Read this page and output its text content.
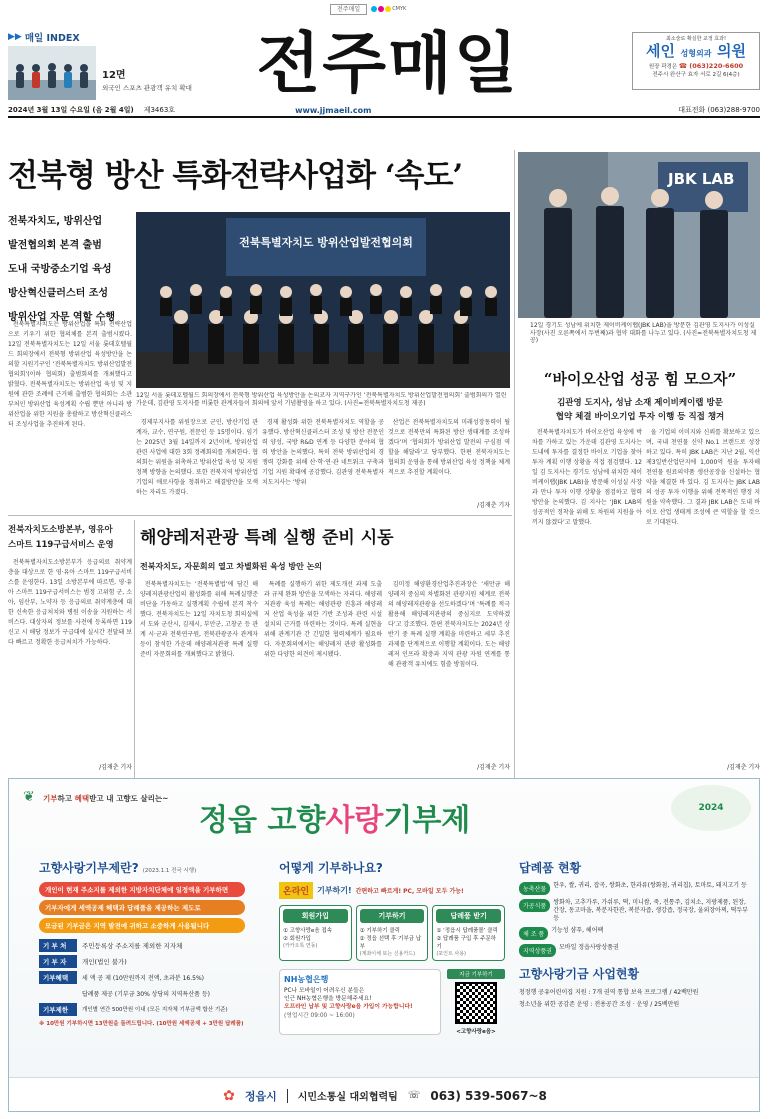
전주매일	CMYK
▶▶ 매일 INDEX
12면
외국인 스포츠 관광객 유치 확대 전주매일	최소술로 확실한 교정 효과!
세인 성형외과 의원
원장 곽경은 ☎ (063)220-6600
전주시 완산구 효자 서로 2길 6(4층)
2024년 3월 13일 수요일 (음 2월 4일) 제3463호	www.jjmaeil.com	대표전화 (063)288-9700
전북형 방산 특화전략사업화 ‘속도’
전북자치도, 방위산업
발전협의회 본격 출범
도내 국방중소기업 육성
방산혁신클러스터 조성
방위산업 자문 역할 수행
전북특별자치도 방위산업발전협의회
12일 서울 롯데호텔월드 회의장에서 전북형 방위산업 육성방안을 논의코자 지역구가인 ‘전북특별자치도 방위산업발전협의회’ 출범회의가 열린 가운데, 김관영 도지사를 비롯한 관계자들이 회의에 앞서 기념촬영을 하고 있다. (사진=전북특별자치도청 제공)

전북특별자치도는 방위산업을 특화 전략산업으로 키우기 위한 협의체를 본격 출범시켰다. 12일 전북특별자치도는 12일 서울 롯데호텔월드 회의장에서 전북형 방위산업 육성방안을 논의할 지원기구인 ‘전북특별자치도 방위산업발전협의회’(이하 협의회) 출범회의를 개최했다고 밝혔다. 전북특별자치도는 방위산업 육성 및 지원에 관한 조례에 근거해 출범한 협의회는 소관부처인 방위산업 육성계획 수립 뿐만 아니라 방위산업을 위한 지원을 총괄하고 방산혁신클러스터 조성사업을 추진하게 된다.	경제부지사를 위원장으로 군인, 방산기업 관계자, 교수, 연구원, 전문인 등 15명이다. 임기는 2025년 3월 14일까지 2년이며, 방위산업 관련 사업에 대한 3회 정례회의를 개최한다. 협의회는 위원을 위촉하고 방위산업 육성 및 지원정책 방향을 논의했다. 또한 전북지역 방위산업 기업의 애로사항을 청취하고 해결방안을 모색하는 자리도 가졌다.

경제 활성화 위한 전북특별자치도 역할을 공유했다. 방산혁신클러스터 조성 및 방산 전문인력 양성, 국방 R&D 연계 등 다양한 분야의 협력 방안을 논의했다. 특히 전북 방위산업의 경쟁력 강화를 위해 산·학·연·관 네트워크 구축과 기업 지원 확대에 공감했다. 김관영 전북특별자치도지사는 ‘방위

산업은 전북특별자치도의 미래성장동력이 될 것으로 전북만의 특화된 방산 생태계를 조성하겠다’며 ‘협의회가 방위산업 발전의 구심점 역할을 해달라’고 당부했다. 한편 전북자치도는 협의회 운영을 통해 방위산업 육성 정책을 체계적으로 추진할 계획이다.

/김재춘 기자
JBK LAB
12일 경기도 성남에 위치한 제이비케이랩(JBK LAB)을 방문한 김관영 도지사가 이성실 사장(사진 오른쪽에서 두번째)과 협약 대화를 나누고 있다. (사진=전북특별자치도청 제공)
“바이오산업 성공 힘 모으자”
김관영 도지사, 성남 소재 제이비케이랩 방문
협약 체결 바이오기업 투자 이행 등 직접 챙겨

전북특별자치도가 바이오산업 육성에 박차를 가하고 있는 가운데 김관영 도지사는 도내에 투자를 결정한 바이오 기업을 찾아 투자 계획 이행 상황을 직접 점검했다. 12일 김 도지사는 경기도 성남에 위치한 제이비케이랩(JBK LAB)을 방문해 이성실 사장과 만나 투자 이행 상황을 점검하고 협력 방안을 논의했다. 김 지사는 ‘JBK LAB의 성공적인 정착을 위해 도 차원의 지원을 아끼지 않겠다’고 말했다.

올 기업의 이미지와 신뢰를 확보하고 있으며, 국내 천연물 신약 No.1 브랜드로 성장하고 있다. 특히 JBK LAB은 지난 2월, 익산 제3일반산업단지에 1,000억 원을 투자해 천연물 원료의약품 생산공장을 신설하는 협약을 체결한 바 있다. 김 도지사는 JBK LAB의 성공 투자 이행을 위해 전폭적인 행정 지원을 약속했다. 그 결과 JBK LAB은 도내 바이오 산업 생태계 조성에 큰 역할을 할 것으로 기대된다.

/김재춘 기자
전북자치도소방본부, 영유아
스마트 119구급서비스 운영

전북특별자치도소방본부가 응급의료 취약계층을 대상으로 한 영·유아 스마트 119구급서비스를 운영한다. 13일 소방본부에 따르면, 영·유아 스마트 119구급서비스는 범정 고위험 군, 소아, 임산부, 노약자 등 응급의료 취약계층에 대한 신속한 응급처치와 병원 이송을 지원하는 서비스다. 대상자의 정보를 사전에 등록하면 119 신고 시 해당 정보가 구급대에 실시간 전달돼 보다 빠르고 정확한 응급처치가 가능하다.

/김재춘 기자
해양레저관광 특례 실행 준비 시동
전북자치도, 자문회의 열고 차별화된 육성 방안 논의

전북특별자치도는 ‘전북특별법’에 담긴 해양레저관광산업의 활성화를 위해 특례실행준비단을 가동하고 실행계획 수립에 본격 착수했다. 전북자치도는 12일 자치도청 회의실에서 도와 군산시, 김제시, 부안군, 고창군 등 관계 시·군과 전북연구원, 전북관광공사 관계자 등이 참석한 가운데 해양레저관광 특례 실행 준비 자문회의를 개최했다고 밝혔다.

특례를 실행하기 위한 제도개선 과제 도출과 규제 완화 방안을 모색하는 자리다. 해양레저관광 육성 특례는 해양관광 진흥과 해양레저 산업 육성을 위한 기반 조성과 관련 시설 설치의 근거를 마련하는 것이다. 특례 실현을 위해 관계기관 간 긴밀한 협력체계가 필요하다. 자문회의에서는 해양레저 관광 활성화를 위한 다양한 의견이 제시됐다.

김미정 해양환경산업추진과장은 ‘새만금 해양레저 중심의 차별화된 관광지원 체계로 전북의 해양레저관광을 선도하겠다’며 ‘특례를 적극 활용해 해양레저관광의 중심지로 도약하겠다’고 강조했다. 한편 전북자치도는 2024년 상반기 중 특례 실행 계획을 마련하고 세부 추진 과제를 단계적으로 이행할 계획이다. 도는 해양레저 인프라 확충과 지역 관광 자원 연계를 통해 관광객 유치에도 힘쓸 방침이다.

/김재춘 기자
기부하고 혜택받고 내 고향도 살리는~
❦
정읍 고향사랑기부제	2024
고향사랑기부제란? (2023.1.1 전국 시행)
개인이 현재 주소지를 제외한 지방자치단체에 일정액을 기부하면
기부자에게 세액공제 혜택과 답례품을 제공하는 제도로
모금된 기부금은 지역 발전에 귀하고 소중하게 사용됩니다
기 부 처	주민등록상 주소지를 제외한 지자체
기 부 자	개인(법인 불가)
기부혜택	세 액 공 제 (10만원까지 전액, 초과분 16.5%)
답례품 제공 (기부금 30% 상당의 지역특산품 등)
기부제한	개인별 연간 500만원 이내 (모든 지자체 기부금액 합산 기준)
※ 10만원 기부하시면 13만원을 돌려드립니다. (10만원 세액공제 + 3만원 답례품)
어떻게 기부하나요?
온라인	기부하기! 간편하고 빠르게! PC, 모바일 모두 가능!
회원가입
① 고향사랑e음 접속
② 회원가입
(카카오톡 연동)
기부하기
① 기부하기 클릭
② 정읍 선택 후 기부금 납부
(계좌이체 또는 신용카드)
답례품 받기
① ‘정읍시 답례품몰’ 클릭
② 답례품 구입 후 주문하기
(포인트 사용)
NH농협은행
PC나 모바일이 어려우신 분들은
인근 NH농협은행을 방문해주세요!
오프라인 납부 및 고향사랑e음 가입이 가능합니다!
(영업시간 09:00 ~ 16:00)
지금 기부하기
<고향사랑e음>
답례품 현황
농축산물
한우, 쌀, 귀리, 잡곡, 쌍화초, 한과류(쌍화첨, 귀리칩), 토마토, 돼지고기 등
가공식품
쌍화차, 고추가루, 가쉬루, 떡, 미니쌈, 죽, 전통주, 김치소, 지팡제품, 된장, 간장, 동고마을, 복분자한잔, 복분자즙, 생강즙, 정국장, 울외장아찌, 떡두부 등
체 조 품
기능성 샴푸, 헤어팩
지역상품권
모바일 정읍사랑상품권
고향사랑기금 사업현황
청정행 공유어린이집 지원 : 7개 권역 통합 보육 프로그램 / 42백만원
청소년을 위한 공감존 운영 : 전용공간 조성 · 운영 / 25백만원
✿ 정읍시 시민소통실 대외협력팀 ☏ 063) 539-5067~8
